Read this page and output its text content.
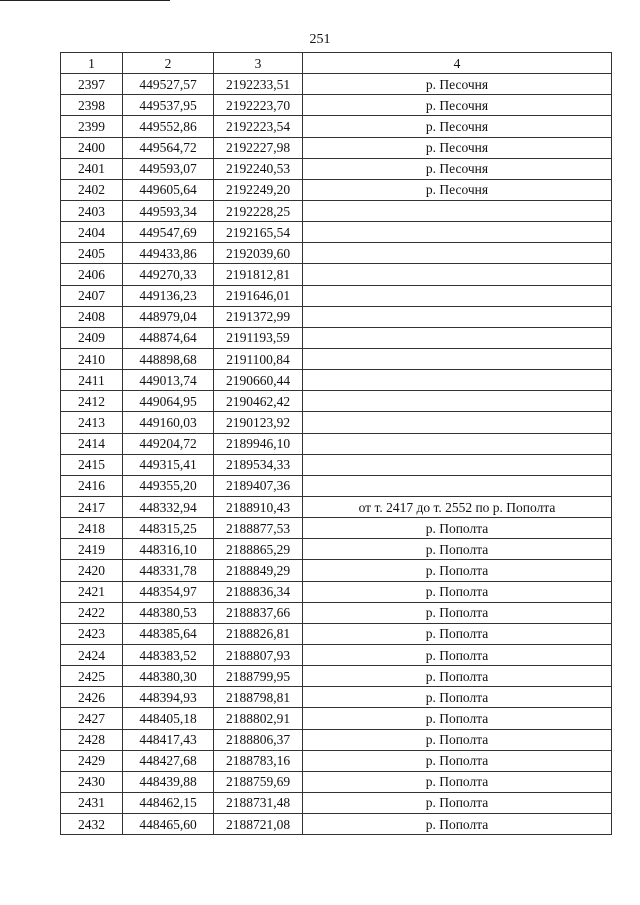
251
1	2	3	4
2397	449527,57	2192233,51	р. Песочня
2398	449537,95	2192223,70	р. Песочня
2399	449552,86	2192223,54	р. Песочня
2400	449564,72	2192227,98	р. Песочня
2401	449593,07	2192240,53	р. Песочня
2402	449605,64	2192249,20	р. Песочня
2403	449593,34	2192228,25	
2404	449547,69	2192165,54	
2405	449433,86	2192039,60	
2406	449270,33	2191812,81	
2407	449136,23	2191646,01	
2408	448979,04	2191372,99	
2409	448874,64	2191193,59	
2410	448898,68	2191100,84	
2411	449013,74	2190660,44	
2412	449064,95	2190462,42	
2413	449160,03	2190123,92	
2414	449204,72	2189946,10	
2415	449315,41	2189534,33	
2416	449355,20	2189407,36	
2417	448332,94	2188910,43	от т. 2417 до т. 2552 по р. Пополта
2418	448315,25	2188877,53	р. Пополта
2419	448316,10	2188865,29	р. Пополта
2420	448331,78	2188849,29	р. Пополта
2421	448354,97	2188836,34	р. Пополта
2422	448380,53	2188837,66	р. Пополта
2423	448385,64	2188826,81	р. Пополта
2424	448383,52	2188807,93	р. Пополта
2425	448380,30	2188799,95	р. Пополта
2426	448394,93	2188798,81	р. Пополта
2427	448405,18	2188802,91	р. Пополта
2428	448417,43	2188806,37	р. Пополта
2429	448427,68	2188783,16	р. Пополта
2430	448439,88	2188759,69	р. Пополта
2431	448462,15	2188731,48	р. Пополта
2432	448465,60	2188721,08	р. Пополта
